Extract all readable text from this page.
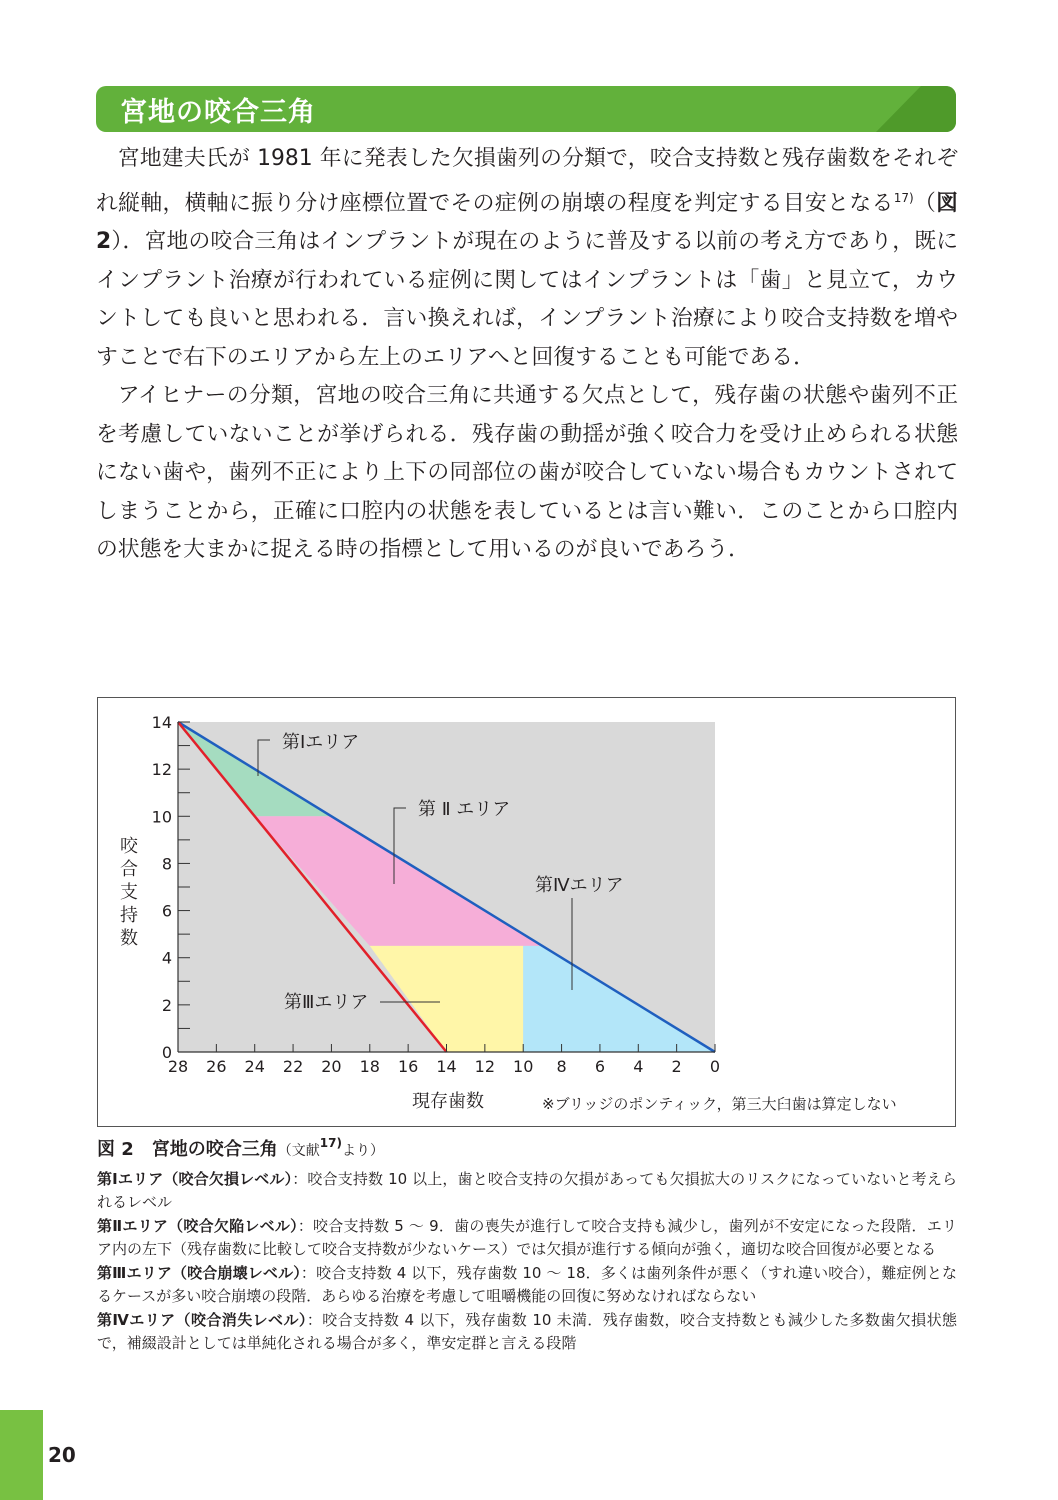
宮地の咬合三角

宮地建夫氏が 1981 年に発表した欠損歯列の分類で，咬合支持数と残存歯数をそれぞれ縦軸，横軸に振り分け座標位置でその症例の崩壊の程度を判定する目安となる$^{17)}$（図 2）．宮地の咬合三角はインプラントが現在のように普及する以前の考え方であり，既にインプラント治療が行われている症例に関してはインプラントは「歯」と見立て，カウントしても良いと思われる．言い換えれば，インプラント治療により咬合支持数を増やすことで右下のエリアから左上のエリアへと回復することも可能である．

アイヒナーの分類，宮地の咬合三角に共通する欠点として，残存歯の状態や歯列不正を考慮していないことが挙げられる．残存歯の動揺が強く咬合力を受け止められる状態にない歯や，歯列不正により上下の同部位の歯が咬合していない場合もカウントされてしまうことから，正確に口腔内の状態を表しているとは言い難い．このことから口腔内の状態を大まかに捉える時の指標として用いるのが良いであろう．

0
2
4
6
8
10
12
14
28 26 24 22 20 18 16 14 12 10 8 6 4 2 0
第Ⅰエリア
第 Ⅱ エリア
第Ⅳエリア
第Ⅲエリア
現存歯数	※ブリッジのポンティック，第三大臼歯は算定しない
咬合支持数
図 2　宮地の咬合三角（文献$^{17)}$より）

第Ⅰエリア（咬合欠損レベル）：咬合支持数 10 以上，歯と咬合支持の欠損があっても欠損拡大のリスクになっていないと考えられるレベル

第Ⅱエリア（咬合欠陥レベル）：咬合支持数 5 ～ 9．歯の喪失が進行して咬合支持も減少し，歯列が不安定になった段階．エリア内の左下（残存歯数に比較して咬合支持数が少ないケース）では欠損が進行する傾向が強く，適切な咬合回復が必要となる

第Ⅲエリア（咬合崩壊レベル）：咬合支持数 4 以下，残存歯数 10 ～ 18．多くは歯列条件が悪く（すれ違い咬合），難症例となるケースが多い咬合崩壊の段階．あらゆる治療を考慮して咀嚼機能の回復に努めなければならない

第Ⅳエリア（咬合消失レベル）：咬合支持数 4 以下，残存歯数 10 未満．残存歯数，咬合支持数とも減少した多数歯欠損状態で，補綴設計としては単純化される場合が多く，準安定群と言える段階

20
